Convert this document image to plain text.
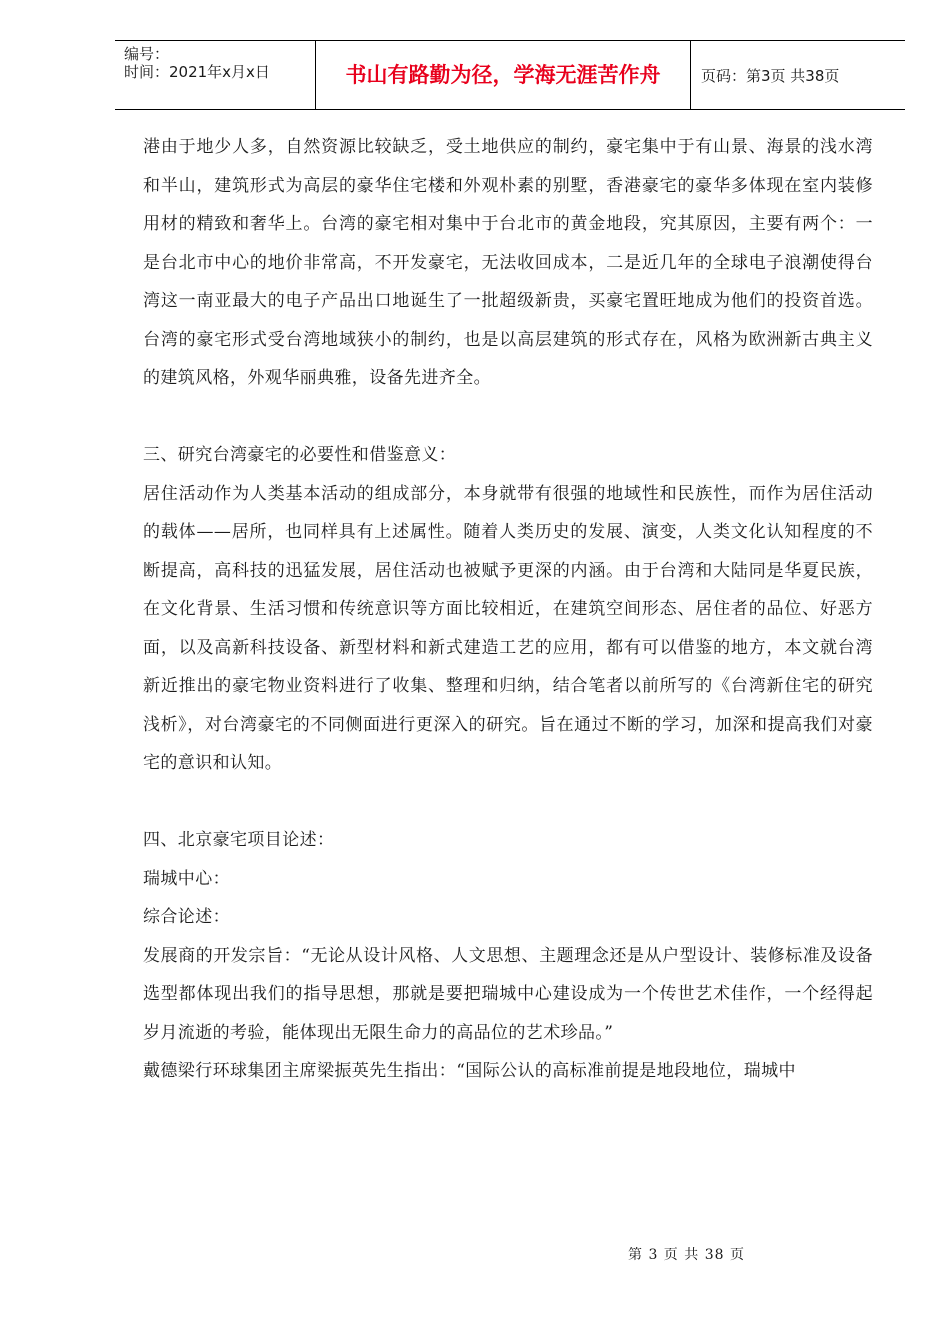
编号：
时间：2021年x月x日	书山有路勤为径，学海无涯苦作舟	页码：第3页 共38页

港由于地少人多，自然资源比较缺乏，受土地供应的制约，豪宅集中于有山景、海景的浅水湾和半山，建筑形式为高层的豪华住宅楼和外观朴素的别墅，香港豪宅的豪华多体现在室内装修用材的精致和奢华上。台湾的豪宅相对集中于台北市的黄金地段，究其原因，主要有两个：一是台北市中心的地价非常高，不开发豪宅，无法收回成本，二是近几年的全球电子浪潮使得台湾这一南亚最大的电子产品出口地诞生了一批超级新贵，买豪宅置旺地成为他们的投资首选。台湾的豪宅形式受台湾地域狭小的制约，也是以高层建筑的形式存在，风格为欧洲新古典主义的建筑风格，外观华丽典雅，设备先进齐全。

三、研究台湾豪宅的必要性和借鉴意义：

居住活动作为人类基本活动的组成部分，本身就带有很强的地域性和民族性，而作为居住活动的载体——居所，也同样具有上述属性。随着人类历史的发展、演变，人类文化认知程度的不断提高，高科技的迅猛发展，居住活动也被赋予更深的内涵。由于台湾和大陆同是华夏民族，在文化背景、生活习惯和传统意识等方面比较相近，在建筑空间形态、居住者的品位、好恶方面，以及高新科技设备、新型材料和新式建造工艺的应用，都有可以借鉴的地方，本文就台湾新近推出的豪宅物业资料进行了收集、整理和归纳，结合笔者以前所写的《台湾新住宅的研究浅析》，对台湾豪宅的不同侧面进行更深入的研究。旨在通过不断的学习，加深和提高我们对豪宅的意识和认知。

四、北京豪宅项目论述：

瑞城中心：

综合论述：

发展商的开发宗旨：“无论从设计风格、人文思想、主题理念还是从户型设计、装修标准及设备选型都体现出我们的指导思想，那就是要把瑞城中心建设成为一个传世艺术佳作，一个经得起岁月流逝的考验，能体现出无限生命力的高品位的艺术珍品。”

戴德梁行环球集团主席梁振英先生指出：“国际公认的高标准前提是地段地位，瑞城中

第 3 页 共 38 页
